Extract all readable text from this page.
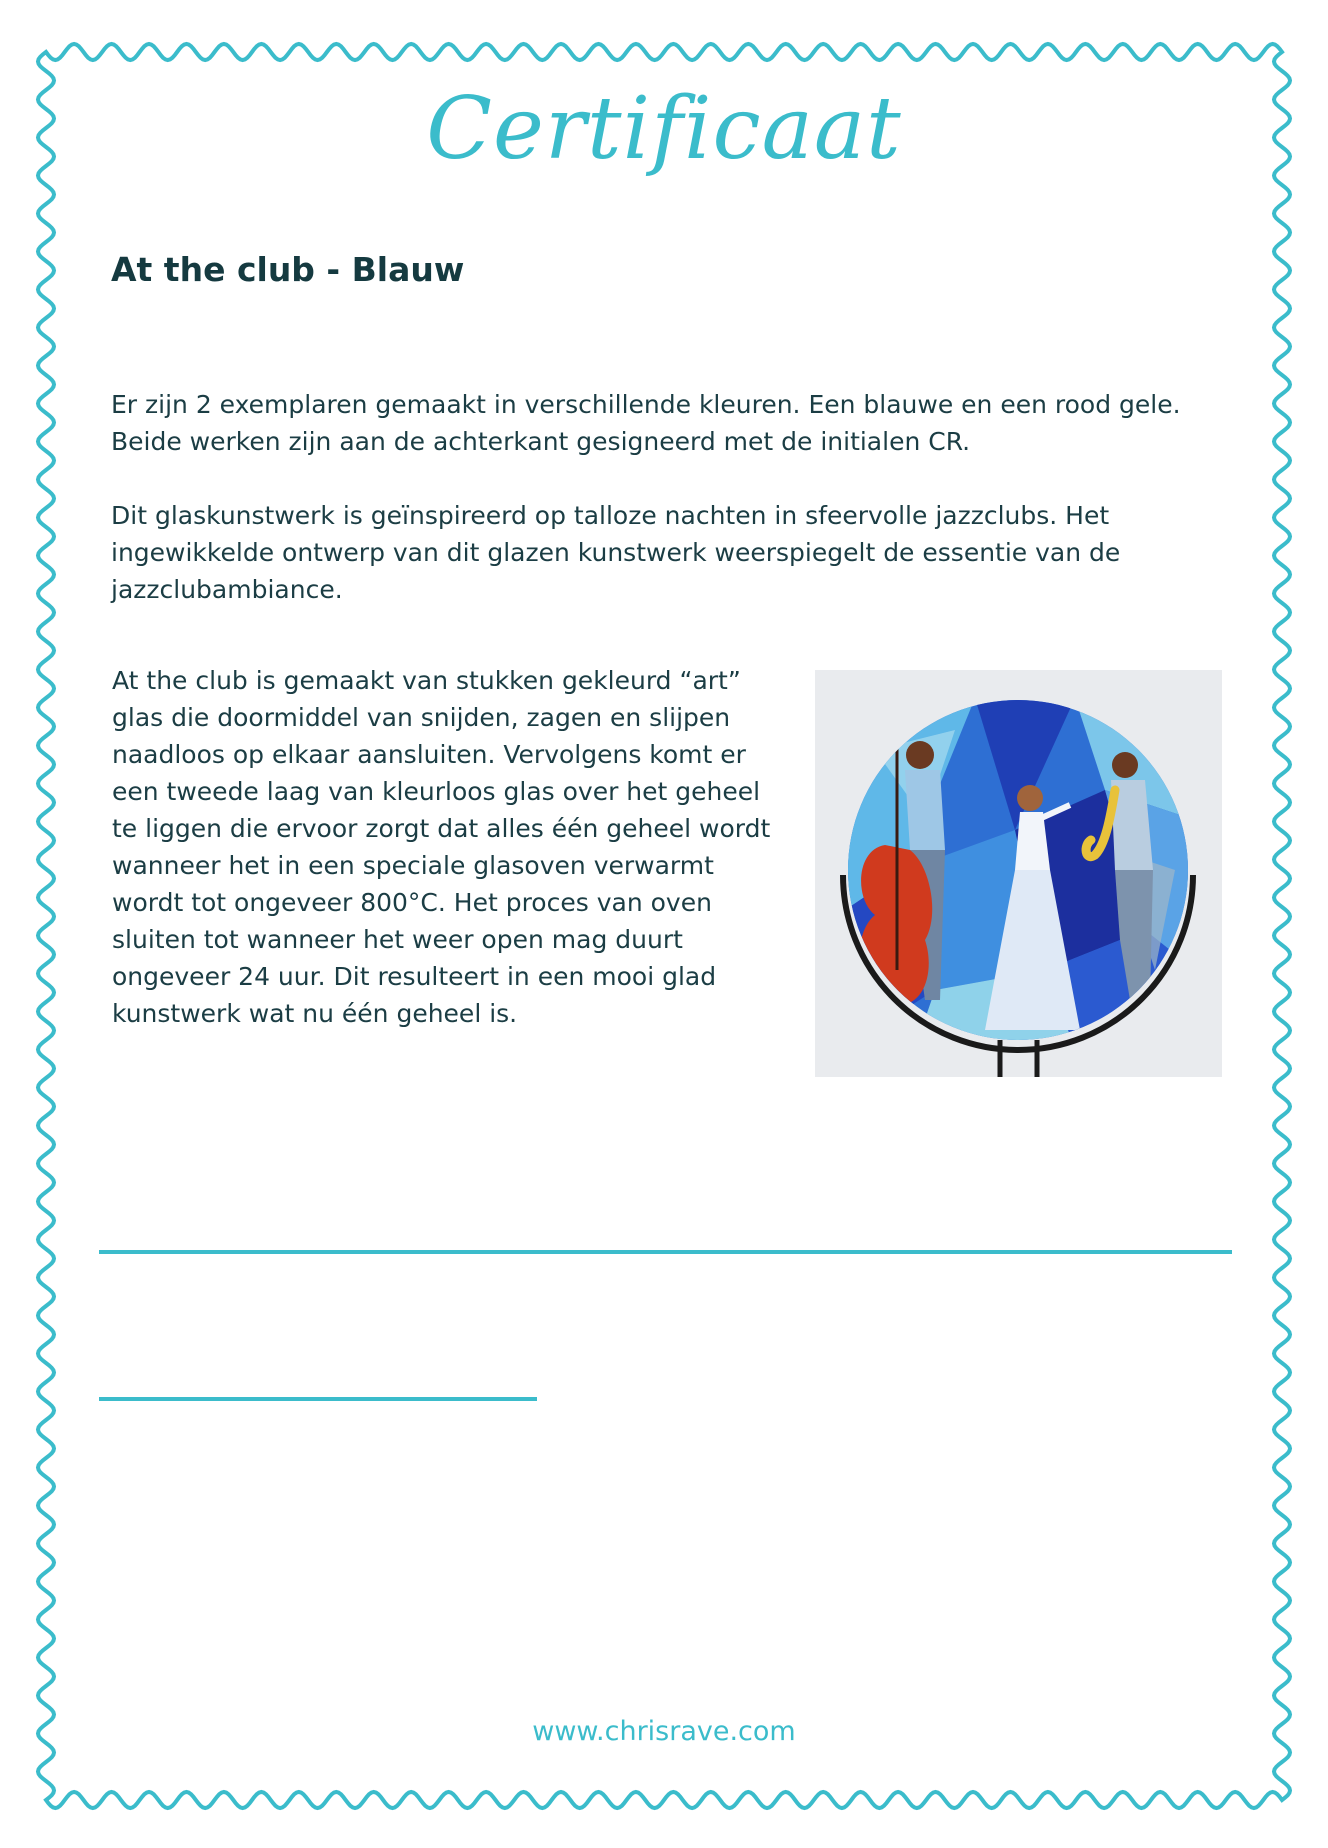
Certificaat
At the club - Blauw

Er zijn 2 exemplaren gemaakt in verschillende kleuren. Een blauwe en een rood gele. Beide werken zijn aan de achterkant gesigneerd met de initialen CR.

Dit glaskunstwerk is geïnspireerd op talloze nachten in sfeervolle jazzclubs. Het ingewikkelde ontwerp van dit glazen kunstwerk weerspiegelt de essentie van de jazzclubambiance.

At the club is gemaakt van stukken gekleurd “art” glas die doormiddel van snijden, zagen en slijpen naadloos op elkaar aansluiten. Vervolgens komt er een tweede laag van kleurloos glas over het geheel te liggen die ervoor zorgt dat alles één geheel wordt wanneer het in een speciale glasoven verwarmt wordt tot ongeveer 800°C. Het proces van oven sluiten tot wanneer het weer open mag duurt ongeveer 24 uur. Dit resulteert in een mooi glad kunstwerk wat nu één geheel is.

www.chrisrave.com
